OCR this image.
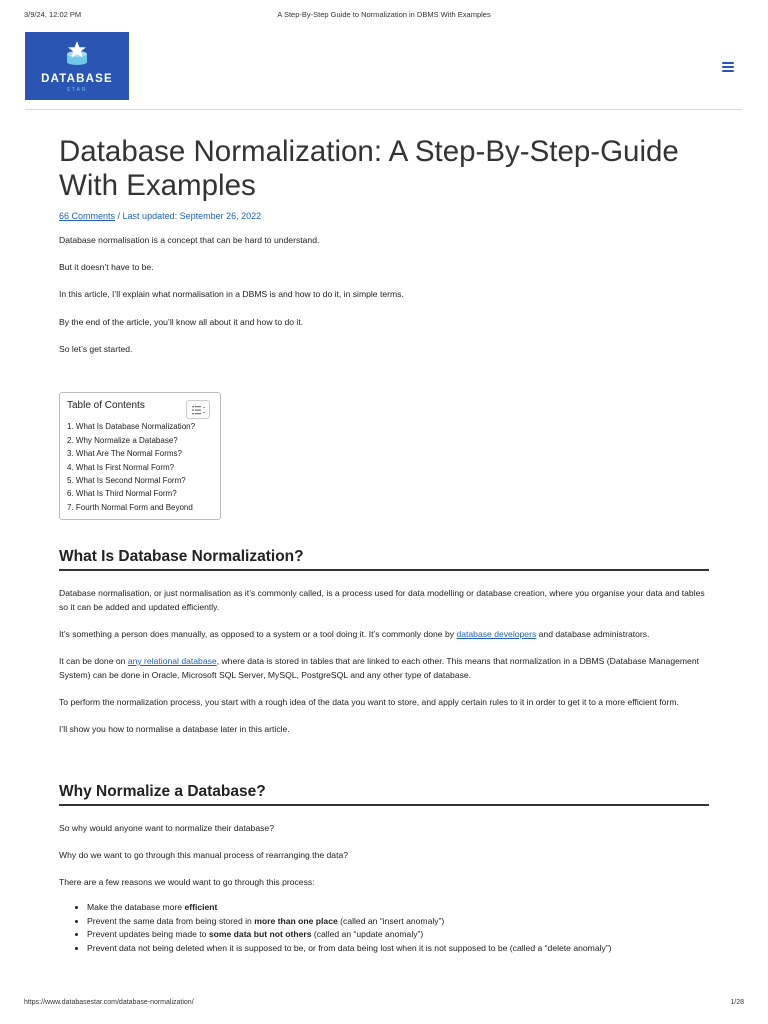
3/9/24, 12:02 PM	A Step-By-Step Guide to Normalization in DBMS With Examples
DATABASE
STAR
Database Normalization: A Step-By-Step-Guide With Examples
66 Comments / Last updated: September 26, 2022

Database normalisation is a concept that can be hard to understand.

But it doesn’t have to be.

In this article, I’ll explain what normalisation in a DBMS is and how to do it, in simple terms.

By the end of the article, you’ll know all about it and how to do it.

So let’s get started.

Table of Contents
1. What Is Database Normalization?
2. Why Normalize a Database?
3. What Are The Normal Forms?
4. What Is First Normal Form?
5. What Is Second Normal Form?
6. What Is Third Normal Form?
7. Fourth Normal Form and Beyond
What Is Database Normalization?

Database normalisation, or just normalisation as it’s commonly called, is a process used for data modelling or database creation, where you organise your data and tables so it can be added and updated efficiently.

It’s something a person does manually, as opposed to a system or a tool doing it. It’s commonly done by database developers and database administrators.

It can be done on any relational database, where data is stored in tables that are linked to each other. This means that normalization in a DBMS (Database Management System) can be done in Oracle, Microsoft SQL Server, MySQL, PostgreSQL and any other type of database.

To perform the normalization process, you start with a rough idea of the data you want to store, and apply certain rules to it in order to get it to a more efficient form.

I’ll show you how to normalise a database later in this article.

Why Normalize a Database?

So why would anyone want to normalize their database?

Why do we want to go through this manual process of rearranging the data?

There are a few reasons we would want to go through this process:

• Make the database more efficient
• Prevent the same data from being stored in more than one place (called an “insert anomaly”)
• Prevent updates being made to some data but not others (called an “update anomaly”)
• Prevent data not being deleted when it is supposed to be, or from data being lost when it is not supposed to be (called a “delete anomaly”)
https://www.databasestar.com/database-normalization/	1/28
